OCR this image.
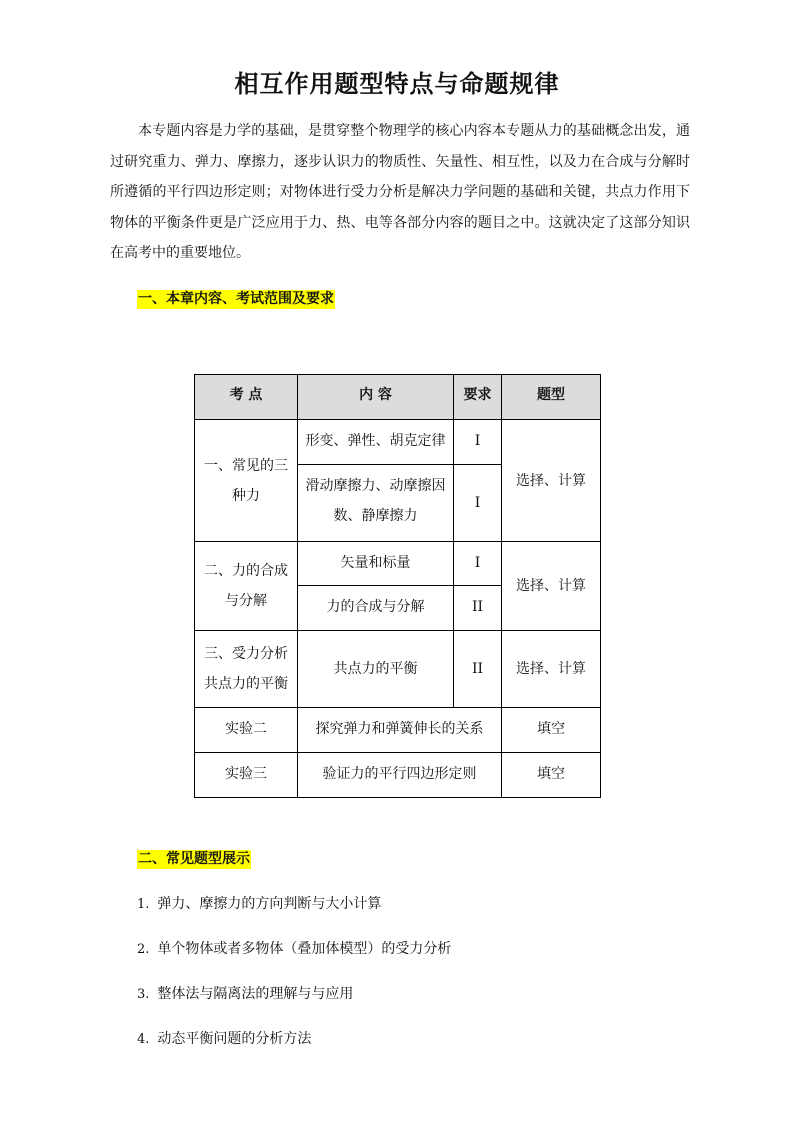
相互作用题型特点与命题规律

本专题内容是力学的基础，是贯穿整个物理学的核心内容本专题从力的基础概念出发，通过研究重力、弹力、摩擦力，逐步认识力的物质性、矢量性、相互性，以及力在合成与分解时所遵循的平行四边形定则；对物体进行受力分析是解决力学问题的基础和关键，共点力作用下物体的平衡条件更是广泛应用于力、热、电等各部分内容的题目之中。这就决定了这部分知识在高考中的重要地位。

一、本章内容、考试范围及要求
考 点	内 容	要求	题型
一、常见的三种力	形变、弹性、胡克定律	I	选择、计算
	滑动摩擦力、动摩擦因数、静摩擦力	I	
二、力的合成与分解	矢量和标量	I	选择、计算
	力的合成与分解	II	
三、受力分析共点力的平衡	共点力的平衡	II	选择、计算
实验二	探究弹力和弹簧伸长的关系		填空
实验三	验证力的平行四边形定则		填空
二、常见题型展示
1. 弹力、摩擦力的方向判断与大小计算
2. 单个物体或者多物体（叠加体模型）的受力分析
3. 整体法与隔离法的理解与与应用
4. 动态平衡问题的分析方法
